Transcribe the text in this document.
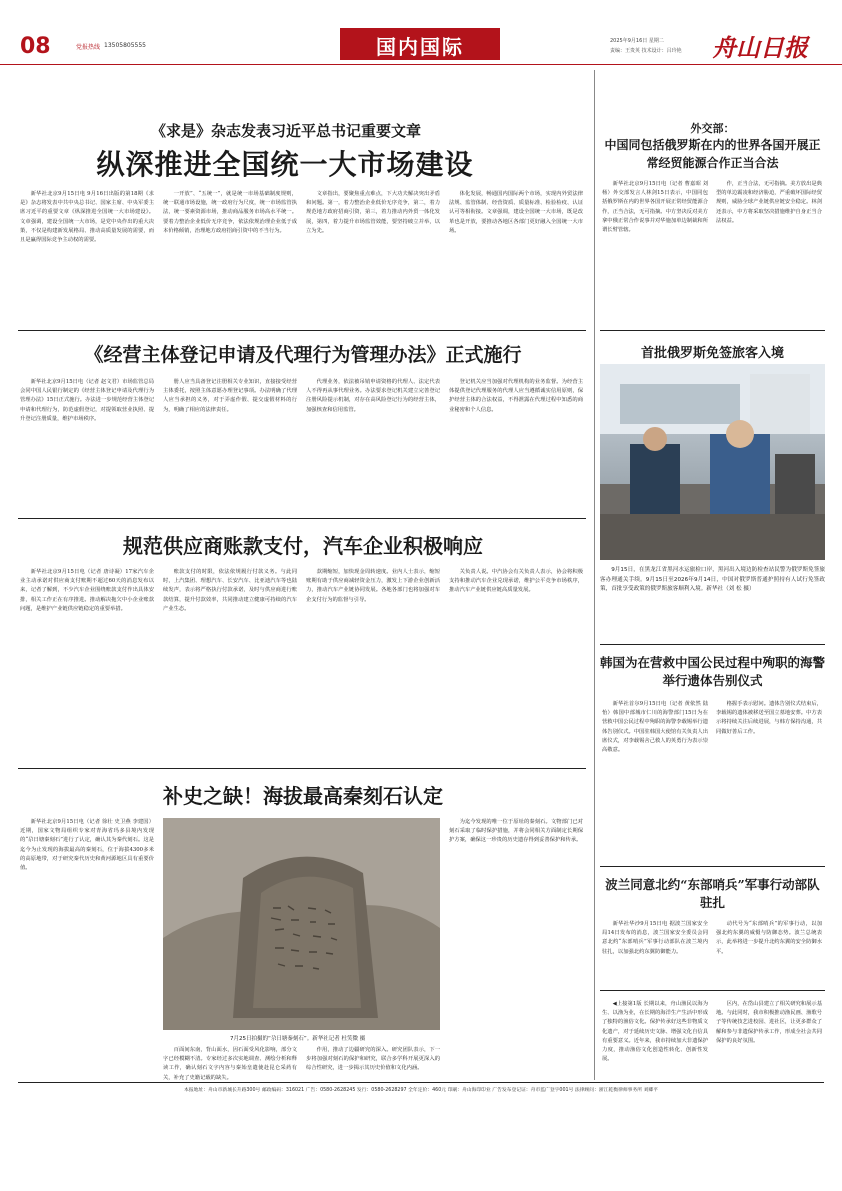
08	党报热线 13505805555	国内国际	2025年9月16日 星期二
责编：王贵英 技术设计：吕玲艳 舟山日报
《求是》杂志发表习近平总书记重要文章
纵深推进全国统一大市场建设

新华社北京9月15日电 9月16日出版的第18期《求是》杂志将发表中共中央总书记、国家主席、中央军委主席习近平的重要文章《纵深推进全国统一大市场建设》。文章强调，建设全国统一大市场，是党中央作出的重大决策，不仅是构建新发展格局、推动高质量发展的需要，而且是赢得国际竞争主动权的需要。

一开放”、“五统一”，就是统一市场基础制度规则，统一联通市场设施，统一政府行为尺度，统一市场监管执法，统一要素资源市场，推动商品服务市场高水平统一。要着力整治企业低价无序竞争，依法依规治理企业低于成本价格倾销，治理地方政府招商引资中的不当行为。

文章指出，要聚焦重点难点，下大功夫解决突出矛盾和问题。第一，着力整治企业低价无序竞争，第二，着力规范地方政府招商引资，第三，着力推动内外贸一体化发展，第四，着力提升市场监管效能，要坚持破立并举，以立为先。

体化发展，畅通国内国际两个市场，实现内外贸法律法规、监管体制、经营资质、质量标准、检验检疫、认证认可等相衔接。文章强调，建设全国统一大市场，既是改革也是开放，要推动各地区各部门更好融入全国统一大市场。

外交部：
中国同包括俄罗斯在内的世界各国开展正常经贸能源合作正当合法

新华社北京9月15日电（记者 曹嘉昭 刘杨）外交部发言人林剑15日表示，中国同包括俄罗斯在内的世界各国开展正常经贸能源合作，正当合法，无可指摘。中方坚决反对美方拿中俄正常合作说事并对华施加单边制裁和所谓长臂管辖。

作，正当合法，无可指摘。美方放出是典型的单边霸凌和经济胁迫，严重破坏国际经贸规则，威胁全球产业链供应链安全稳定。林剑还表示，中方将采取坚决措施维护自身正当合法权益。

《经营主体登记申请及代理行为管理办法》正式施行

新华社北京9月15日电（记者 赵文君）市场监管总局会同中国人民银行制定的《经营主体登记申请及代理行为管理办法》15日正式施行。办法进一步规范经营主体登记申请和代理行为，防范虚假登记，对提领取营业执照、提升登记注册质量，维护市场秩序。

册人应当具备登记注册相关专业知识，直接接受经营主体委托，按照主体意愿办理登记事项。办法明确了代理人应当承担的义务，对于弄虚作假、提交虚假材料的行为，明确了相应的法律责任。

代理业务，依法被吊销申请资格的代理人、法定代表人不得再从事代理业务。办法要求登记机关建立完善登记注册风险提示机制，对存在高风险登记行为的经营主体，加强核查和信用监管。

登记机关应当加强对代理机构的业务监督。为经营主体提供登记代理服务的代理人应当遵循诚实信用原则，保护经营主体的合法权益，不得泄露在代理过程中知悉的商业秘密和个人信息。

首批俄罗斯免签旅客入境

9月15日，在黑龙江省黑河水运旅检口岸，黑河出入境边防检查站民警为俄罗斯免签旅客办理通关手续。9月15日至2026年9月14日，中国对俄罗斯普通护照持有人试行免签政策，首批享受政策的俄罗斯旅客顺利入境。新华社（刘 松 摄）

规范供应商账款支付，汽车企业积极响应

新华社北京9月15日电（记者 唐诗凝）17家汽车企业主动承诺对供应商支付账期不超过60天的消息发布以来，记者了解到，不少汽车企业围绕账款支付作出具体安排，相关工作正在有序推进。推动解决拖欠中小企业账款问题，是维护产业链供应链稳定的重要举措。

账款支付的时限，依法依规履行付款义务。与此同时，上汽集团、理想汽车、长安汽车、比亚迪汽车等也陆续发声，表示将严格执行付款承诺，及时与供应商进行账款结算，提升付款效率，共同推动建立健康可持续的汽车产业生态。

款期缩短，加快现金周转速度。业内人士表示，缩短账期有助于供应商减轻资金压力，激发上下游企业创新活力，推动汽车产业链协同发展。各地各部门也将加强对车企支付行为的监督与引导。

关负责人说。中汽协会有关负责人表示，协会将积极支持和推动汽车企业兑现承诺，维护公平竞争市场秩序，推动汽车产业链供应链高质量发展。

韩国为在营救中国公民过程中殉职的海警举行遗体告别仪式

新华社首尔9月15日电（记者 黄依然 陆怡）韩国中部城市仁川的海警部门15日为在营救中国公民过程中殉职的海警李载锡举行遗体告别仪式。中国驻韩国大使馆有关负责人出席仪式，对李载锡舍己救人的英勇行为表示崇高敬意。

格握手表示慰问。遗体告别仪式结束后，李载锡的遗体被移送至国立墓地安葬。中方表示将持续关注后续进展，与韩方保持沟通，共同做好善后工作。

波兰同意北约“东部哨兵”军事行动部队驻扎

新华社华沙9月15日电 据波兰国家安全局14日发布的消息，波兰国家安全委员会同意北约“东部哨兵”军事行动部队在波兰境内驻扎，以加强北约东翼防御能力。

动代号为“东部哨兵”的军事行动，以加强北约东翼的威慑与防御态势。波兰总统表示，此举将进一步提升北约东翼的安全防御水平。

补史之缺！海拔最高秦刻石认定

新华社北京9月15日电（记者 徐壮 史卫燕 李建国）近期，国家文物局组织专家对青海省玛多县境内发现的“尕日塘秦刻石”进行了认定，确认其为秦代刻石。这是迄今为止发现的海拔最高的秦刻石，位于海拔4300多米的高原地带，对于研究秦代历史和黄河源地区具有重要价值。

7月25日拍摄的“尕日塘秦刻石”。新华社记者 杜笑微 摄

百面间东南，背山面水，因石面受风化影响，部分文字已经模糊不清。专家经过多次实地调查、测绘分析和释读工作，确认刻石文字内容与秦始皇遣使赴昆仑采药有关，补充了史籍记载的缺失。

作用，推动了边疆研究的深入。研究团队表示，下一步将加强对刻石的保护和研究，联合多学科开展更深入的综合性研究，进一步揭示其历史价值和文化内涵。

为迄今发现的唯一位于原址的秦刻石。文物部门已对刻石采取了临时保护措施，并将会同相关方面制定长期保护方案，确保这一珍贵的历史遗存得到妥善保护和传承。

◀上接第1版 长期以来，舟山渔民以海为生、以渔为业，在长期的海洋生产生活中形成了独特的渔俗文化。保护传承好这些非物质文化遗产，对于延续历史文脉、增强文化自信具有重要意义。近年来，我市持续加大非遗保护力度，推动渔俗文化创造性转化、创新性发展。

区内，在岱山县建立了相关研究和展示基地。与此同时，我市积极推动渔民画、渔歌号子等传统技艺进校园、进社区，让更多群众了解和参与非遗保护传承工作，形成全社会共同保护的良好氛围。

本报地址：舟山市新城长升路300号 邮政编码：316021 广告：0580-2628245 发行：0580-2628297 全年定价：460元 印刷：舟山海印印业 广告发布登记证：舟市监广登字001号 法律顾问：浙江乾衡律师事务所 刘卿平
